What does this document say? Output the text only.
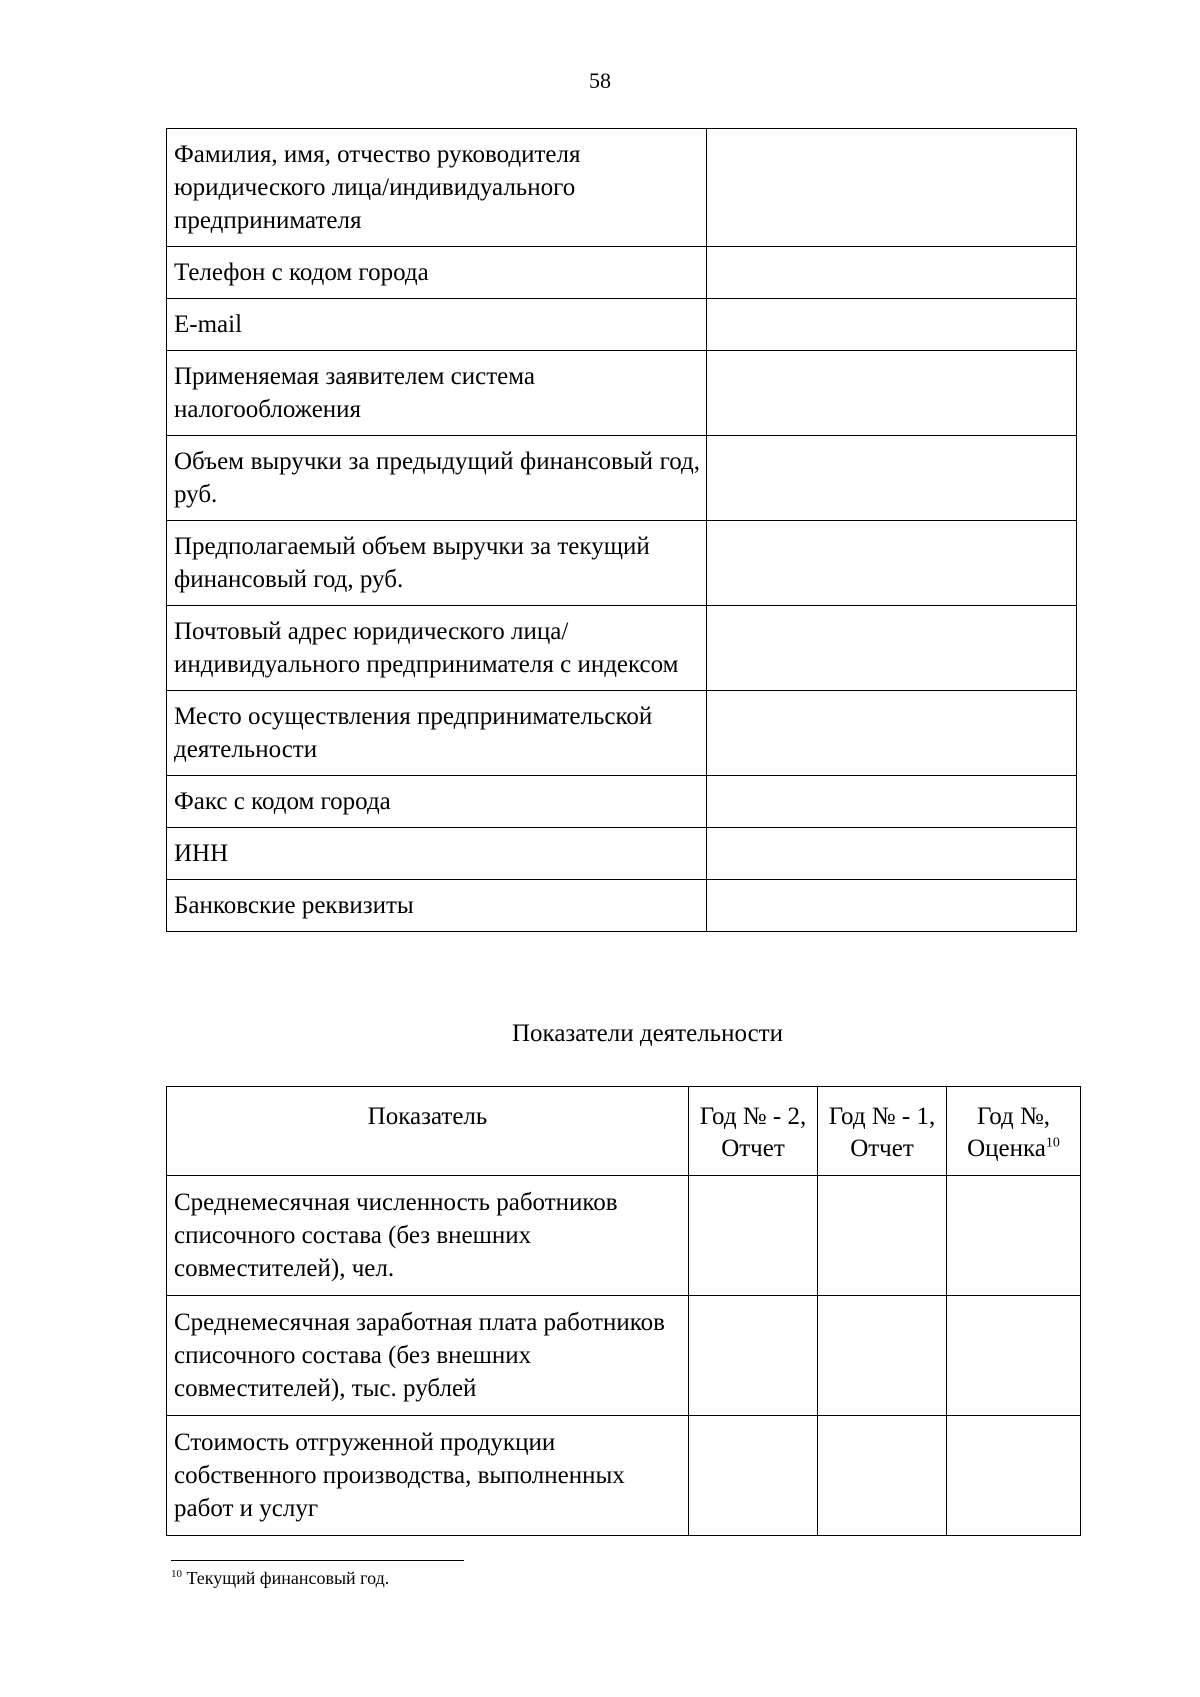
58
Фамилия, имя, отчество руководителя юридического лица/индивидуального предпринимателя	
Телефон с кодом города	
E-mail	
Применяемая заявителем система налогообложения	
Объем выручки за предыдущий финансовый год, руб.	
Предполагаемый объем выручки за текущий финансовый год, руб.	
Почтовый адрес юридического лица/индивидуального предпринимателя с индексом	
Место осуществления предпринимательской деятельности	
Факс с кодом города	
ИНН	
Банковские реквизиты	
Показатели деятельности
Показатель	Год № - 2, Отчет	Год № - 1, Отчет	Год №, Оценка$^{10}$
Среднемесячная численность работников списочного состава (без внешних совместителей), чел.			
Среднемесячная заработная плата работников списочного состава (без внешних совместителей), тыс. рублей			
Стоимость отгруженной продукции собственного производства, выполненных работ и услуг			
$^{10}$ Текущий финансовый год.
